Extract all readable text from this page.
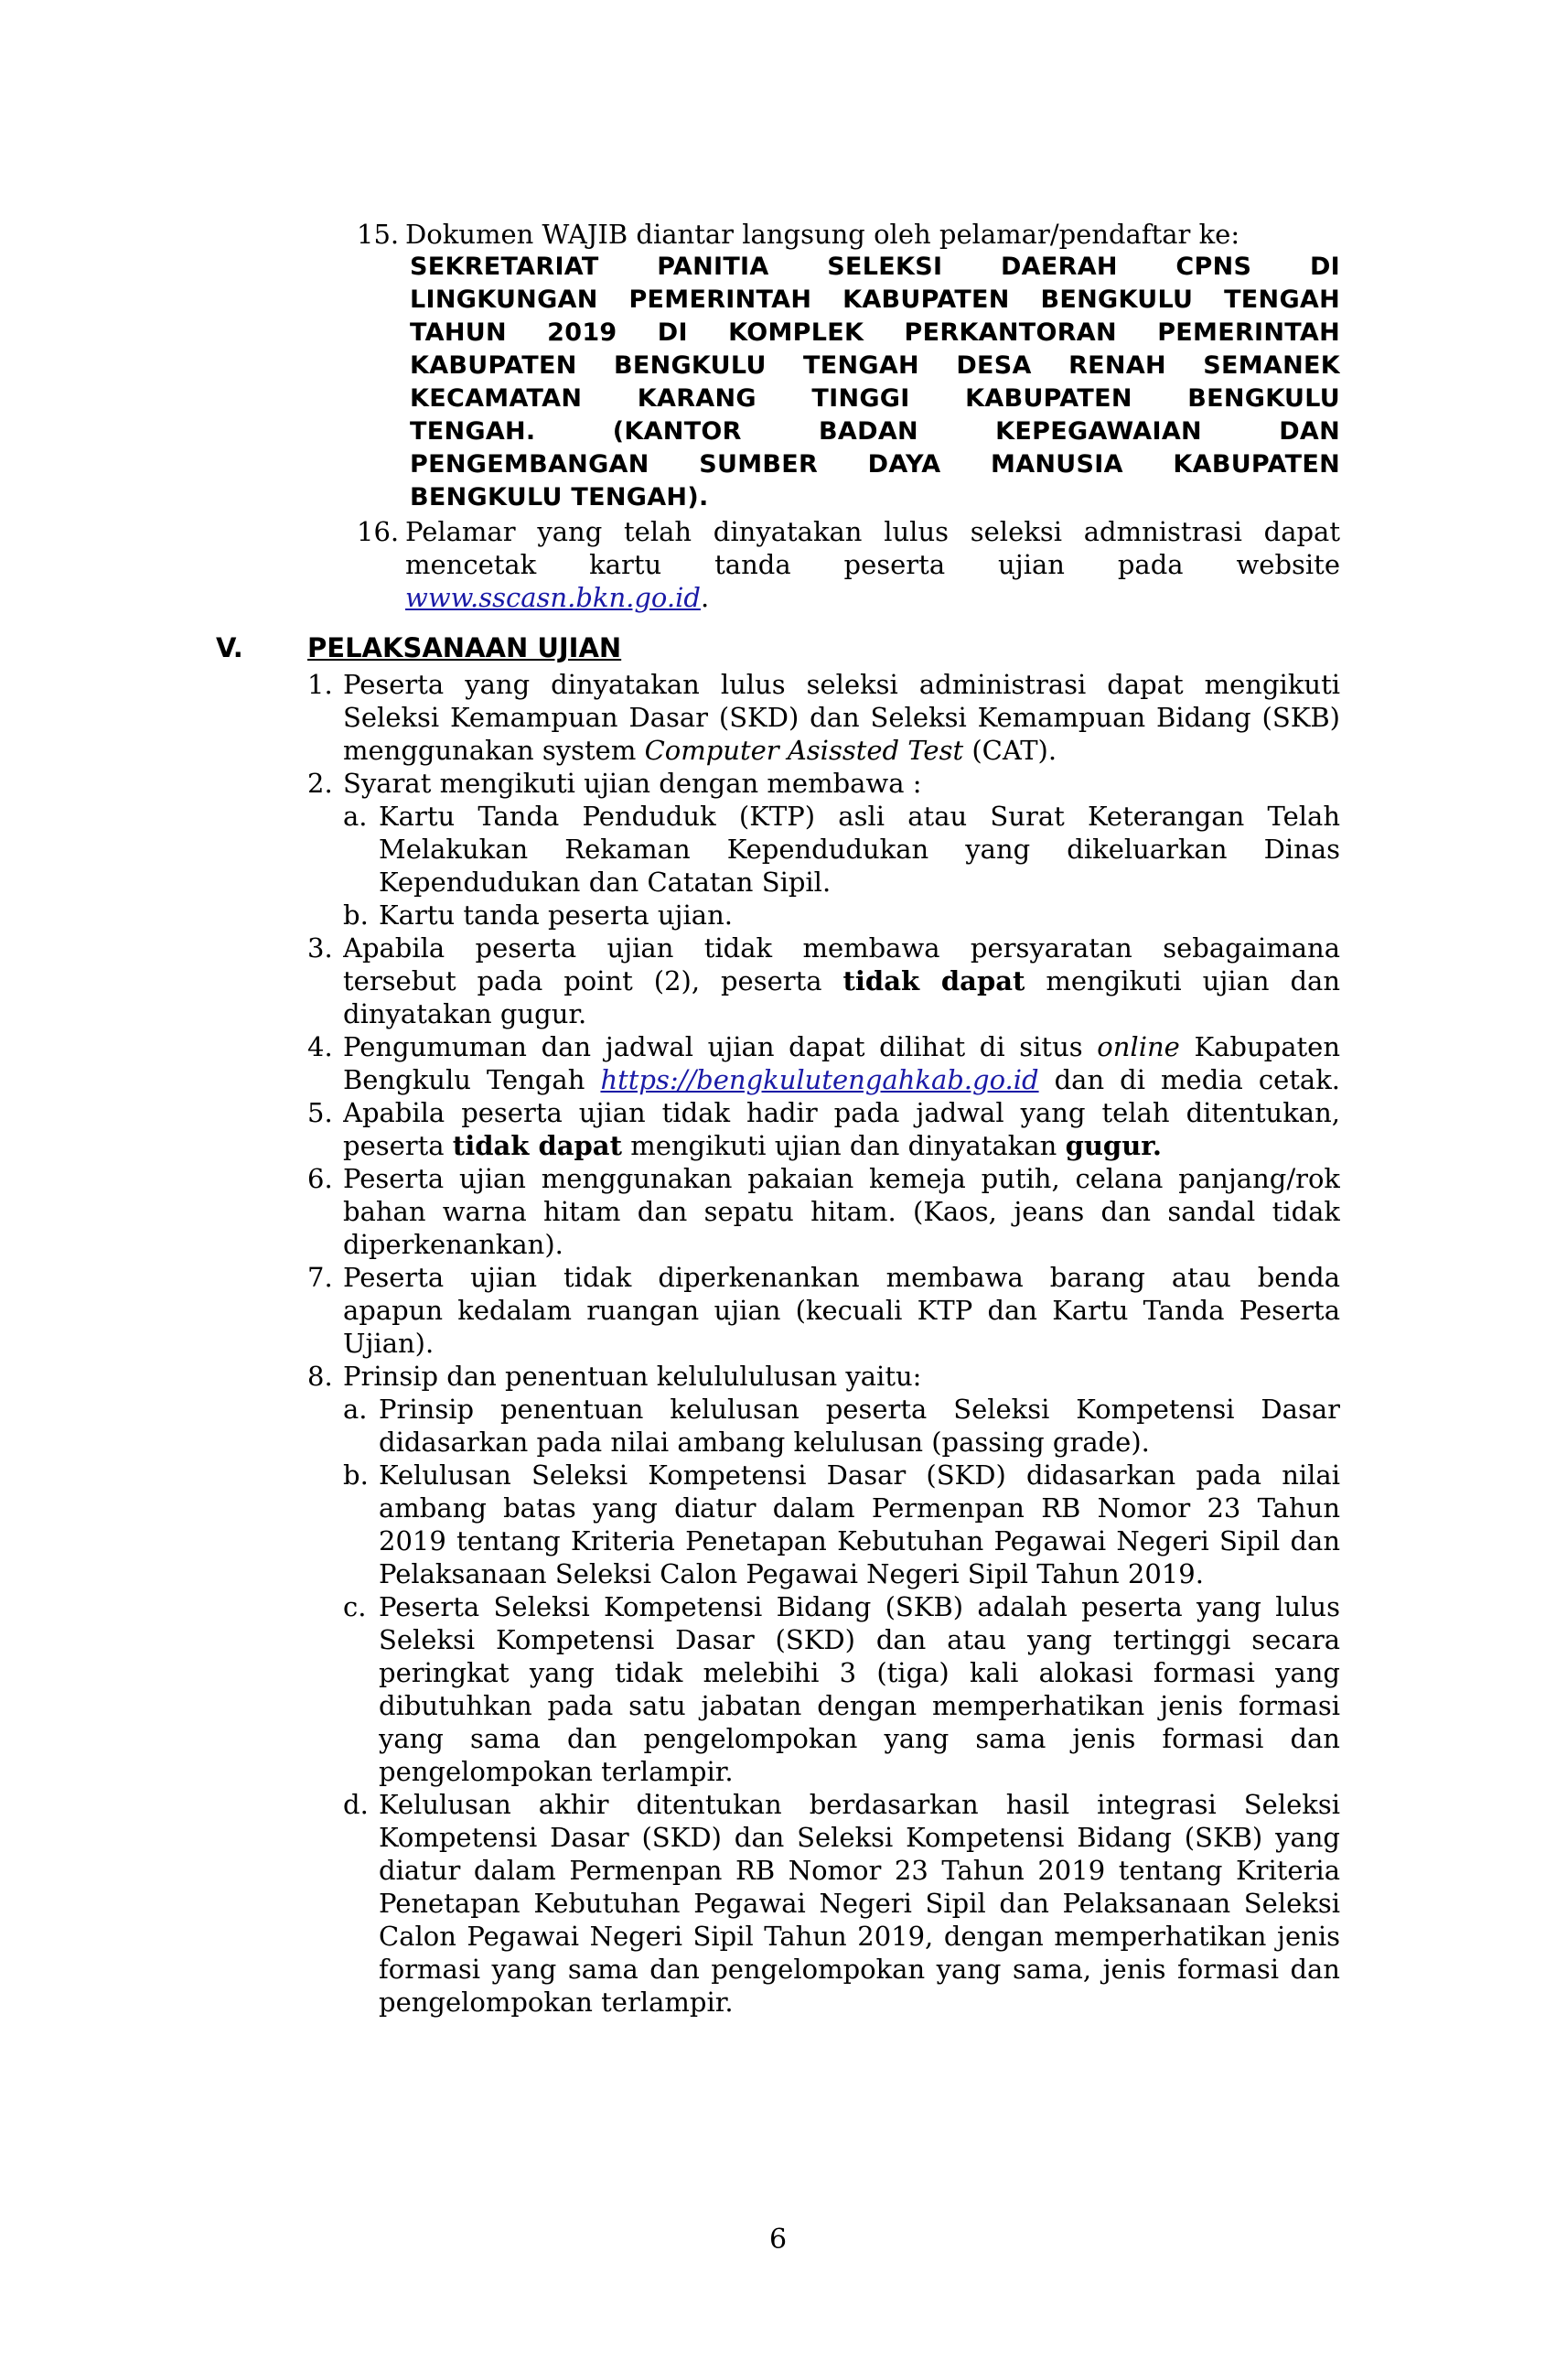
15. Dokumen WAJIB diantar langsung oleh pelamar/pendaftar ke:
SEKRETARIAT PANITIA SELEKSI DAERAH CPNS DI
LINGKUNGAN PEMERINTAH KABUPATEN BENGKULU TENGAH
TAHUN 2019 DI KOMPLEK PERKANTORAN PEMERINTAH
KABUPATEN BENGKULU TENGAH DESA RENAH SEMANEK
KECAMATAN KARANG TINGGI KABUPATEN BENGKULU
TENGAH. (KANTOR BADAN KEPEGAWAIAN DAN
PENGEMBANGAN SUMBER DAYA MANUSIA KABUPATEN
BENGKULU TENGAH).
16. Pelamar yang telah dinyatakan lulus seleksi admnistrasi dapat
mencetak kartu tanda peserta ujian pada website
www.sscasn.bkn.go.id.
V. PELAKSANAAN UJIAN
1. Peserta yang dinyatakan lulus seleksi administrasi dapat mengikuti
Seleksi Kemampuan Dasar (SKD) dan Seleksi Kemampuan Bidang (SKB)
menggunakan system Computer Asissted Test (CAT).
2. Syarat mengikuti ujian dengan membawa :
a. Kartu Tanda Penduduk (KTP) asli atau Surat Keterangan Telah
Melakukan Rekaman Kependudukan yang dikeluarkan Dinas
Kependudukan dan Catatan Sipil.
b. Kartu tanda peserta ujian.
3. Apabila peserta ujian tidak membawa persyaratan sebagaimana
tersebut pada point (2), peserta tidak dapat mengikuti ujian dan
dinyatakan gugur.
4. Pengumuman dan jadwal ujian dapat dilihat di situs online Kabupaten
Bengkulu Tengah https://bengkulutengahkab.go.id dan di media cetak.
5. Apabila peserta ujian tidak hadir pada jadwal yang telah ditentukan,
peserta tidak dapat mengikuti ujian dan dinyatakan gugur.
6. Peserta ujian menggunakan pakaian kemeja putih, celana panjang/rok
bahan warna hitam dan sepatu hitam. (Kaos, jeans dan sandal tidak
diperkenankan).
7. Peserta ujian tidak diperkenankan membawa barang atau benda
apapun kedalam ruangan ujian (kecuali KTP dan Kartu Tanda Peserta
Ujian).
8. Prinsip dan penentuan kelulululusan yaitu:
a. Prinsip penentuan kelulusan peserta Seleksi Kompetensi Dasar
didasarkan pada nilai ambang kelulusan (passing grade).
b. Kelulusan Seleksi Kompetensi Dasar (SKD) didasarkan pada nilai
ambang batas yang diatur dalam Permenpan RB Nomor 23 Tahun
2019 tentang Kriteria Penetapan Kebutuhan Pegawai Negeri Sipil dan
Pelaksanaan Seleksi Calon Pegawai Negeri Sipil Tahun 2019.
c. Peserta Seleksi Kompetensi Bidang (SKB) adalah peserta yang lulus
Seleksi Kompetensi Dasar (SKD) dan atau yang tertinggi secara
peringkat yang tidak melebihi 3 (tiga) kali alokasi formasi yang
dibutuhkan pada satu jabatan dengan memperhatikan jenis formasi
yang sama dan pengelompokan yang sama jenis formasi dan
pengelompokan terlampir.
d. Kelulusan akhir ditentukan berdasarkan hasil integrasi Seleksi
Kompetensi Dasar (SKD) dan Seleksi Kompetensi Bidang (SKB) yang
diatur dalam Permenpan RB Nomor 23 Tahun 2019 tentang Kriteria
Penetapan Kebutuhan Pegawai Negeri Sipil dan Pelaksanaan Seleksi
Calon Pegawai Negeri Sipil Tahun 2019, dengan memperhatikan jenis
formasi yang sama dan pengelompokan yang sama, jenis formasi dan
pengelompokan terlampir.
6
